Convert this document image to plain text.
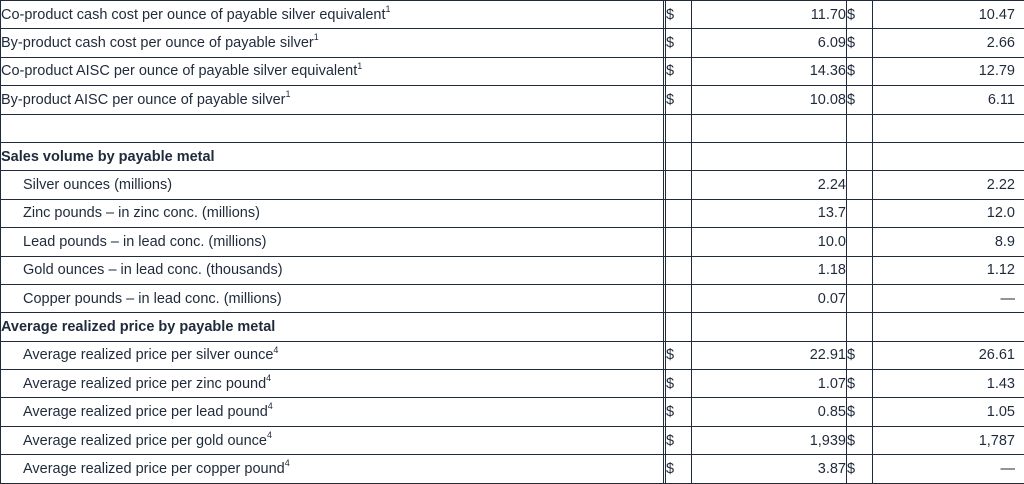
Co-product cash cost per ounce of payable silver equivalent$^1$		$	11.70	$	10.47
By-product cash cost per ounce of payable silver$^1$		$	6.09	$	2.66
Co-product AISC per ounce of payable silver equivalent$^1$		$	14.36	$	12.79
By-product AISC per ounce of payable silver$^1$		$	10.08	$	6.11

Sales volume by payable metal					
Silver ounces (millions)			2.24		2.22
Zinc pounds – in zinc conc. (millions)			13.7		12.0
Lead pounds – in lead conc. (millions)			10.0		8.9
Gold ounces – in lead conc. (thousands)			1.18		1.12
Copper pounds – in lead conc. (millions)			0.07		—
Average realized price by payable metal					
Average realized price per silver ounce$^4$		$	22.91	$	26.61
Average realized price per zinc pound$^4$		$	1.07	$	1.43
Average realized price per lead pound$^4$		$	0.85	$	1.05
Average realized price per gold ounce$^4$		$	1,939	$	1,787
Average realized price per copper pound$^4$		$	3.87	$	—
